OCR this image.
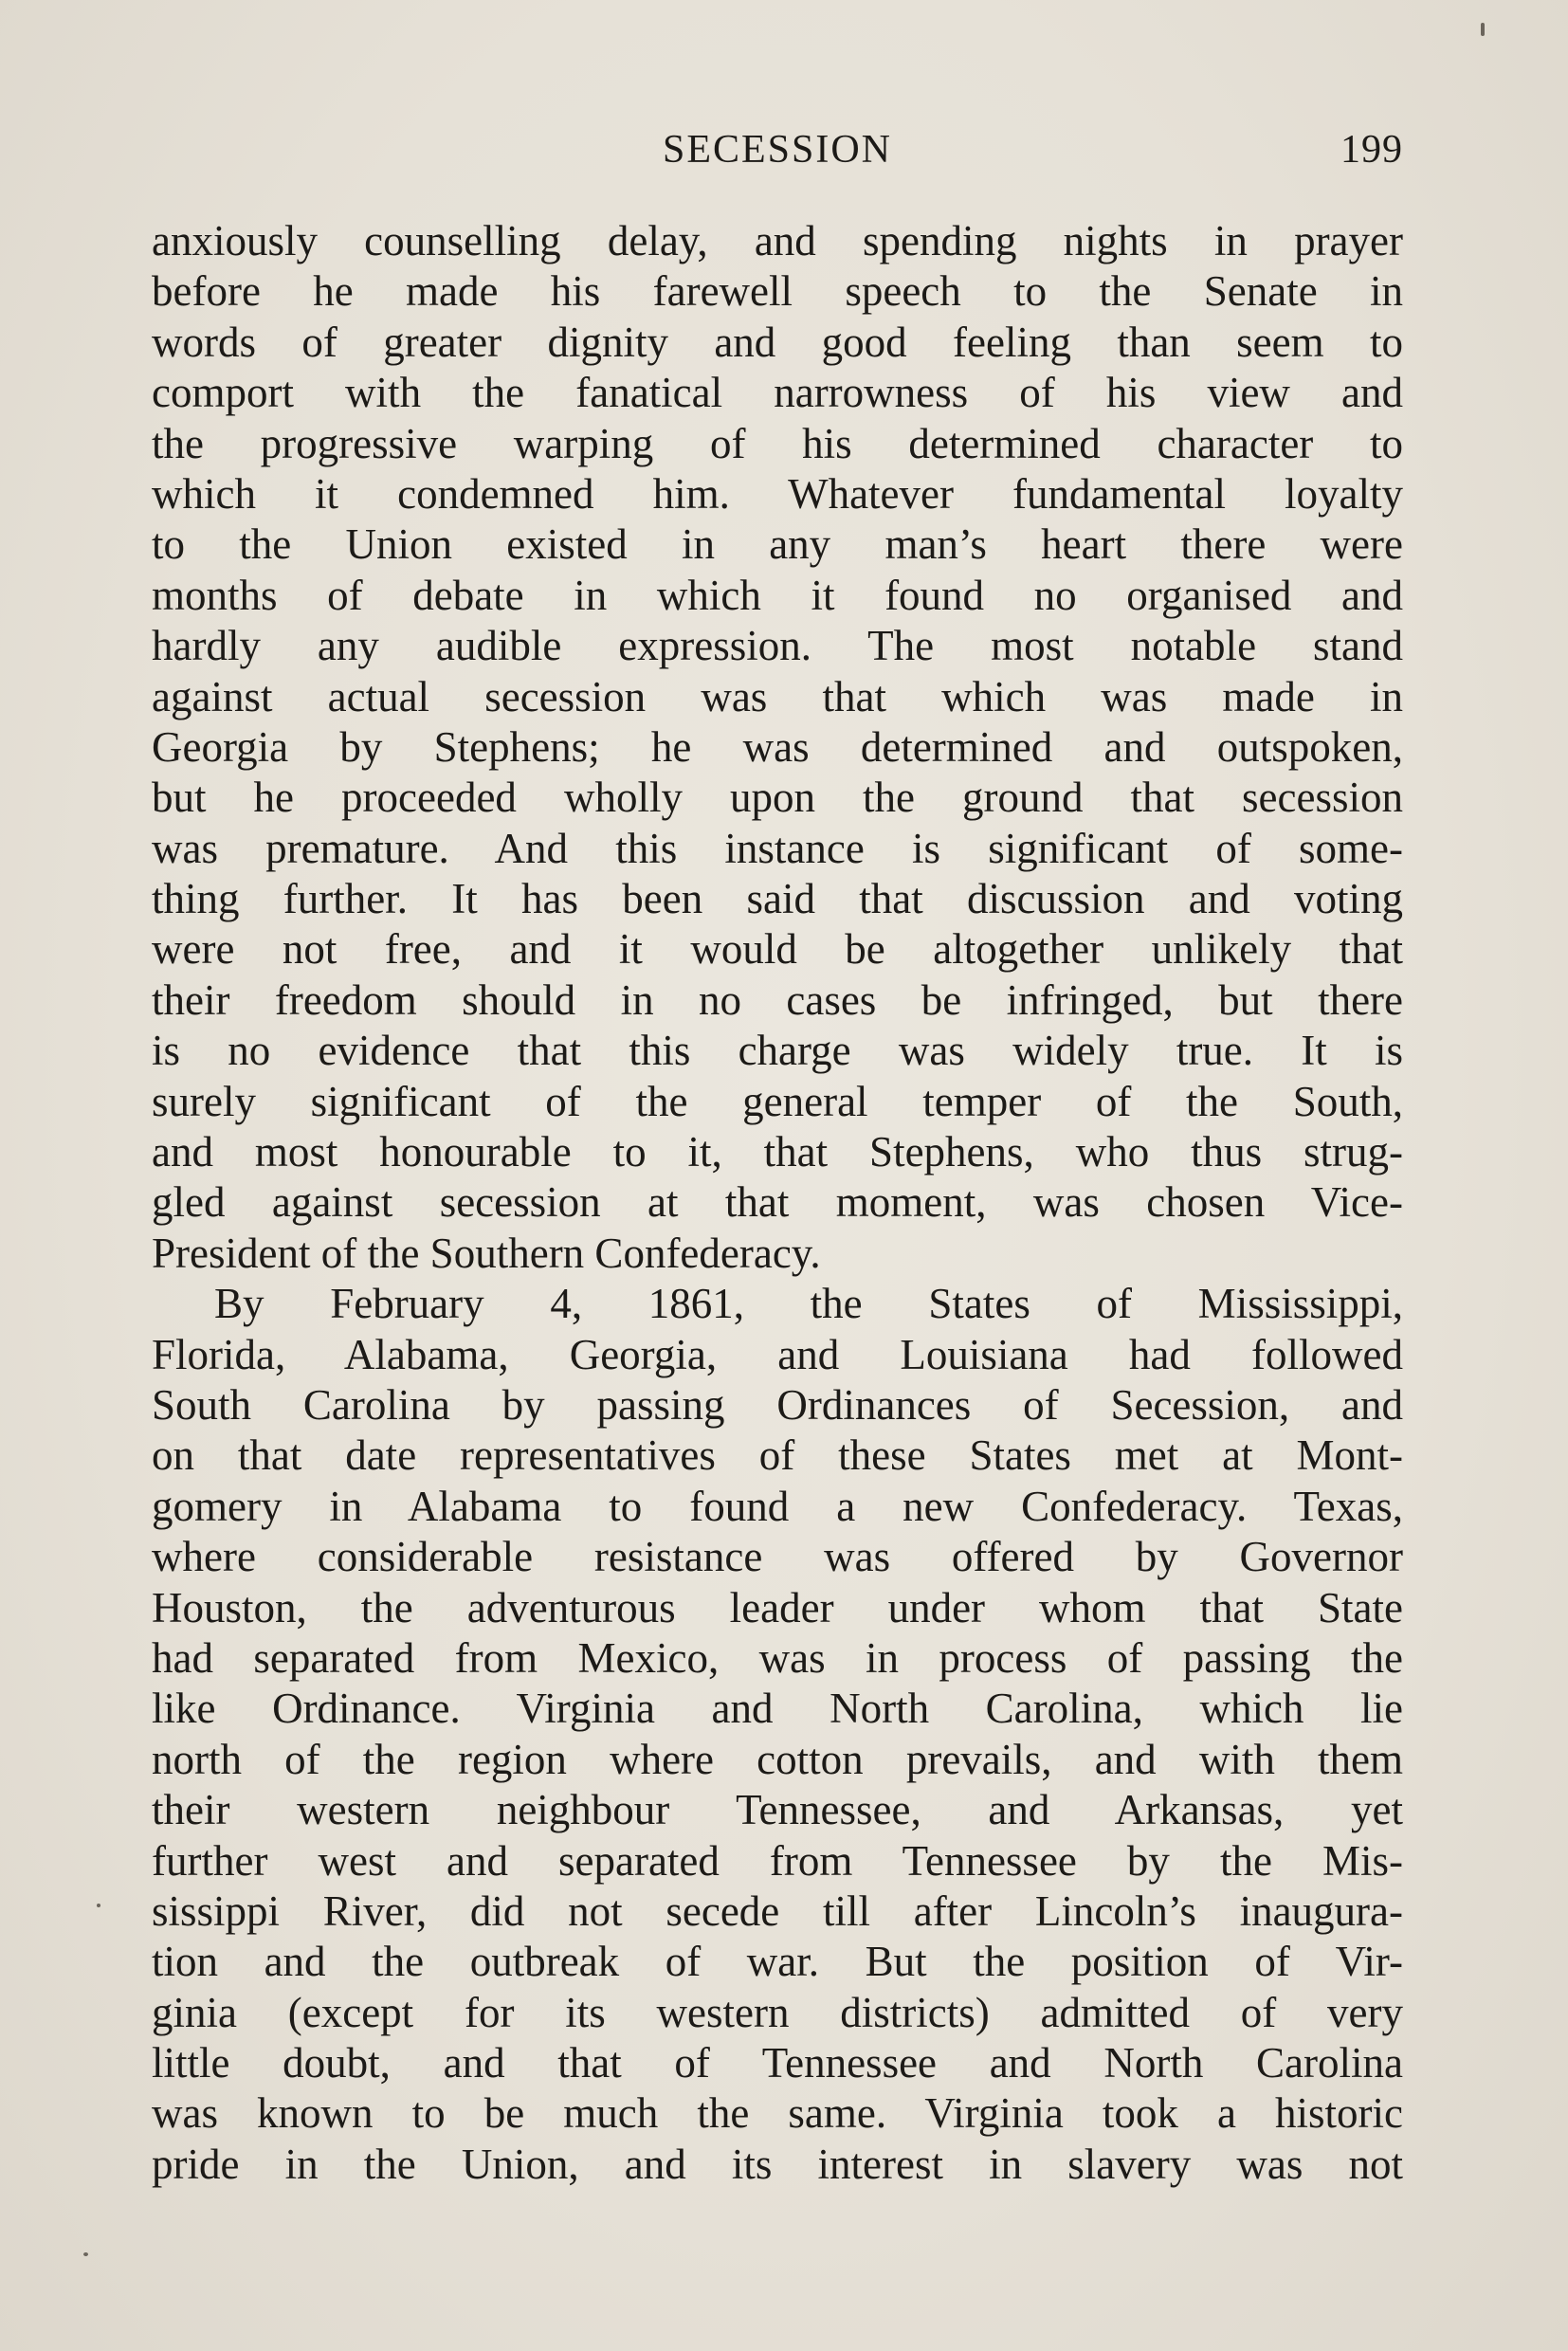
SECESSION	199
anxiously counselling delay, and spending nights in prayer
before he made his farewell speech to the Senate in
words of greater dignity and good feeling than seem to
comport with the fanatical narrowness of his view and
the progressive warping of his determined character to
which it condemned him. Whatever fundamental loyalty
to the Union existed in any man’s heart there were
months of debate in which it found no organised and
hardly any audible expression. The most notable stand
against actual secession was that which was made in
Georgia by Stephens; he was determined and outspoken,
but he proceeded wholly upon the ground that secession
was premature. And this instance is significant of some-
thing further. It has been said that discussion and voting
were not free, and it would be altogether unlikely that
their freedom should in no cases be infringed, but there
is no evidence that this charge was widely true. It is
surely significant of the general temper of the South,
and most honourable to it, that Stephens, who thus strug-
gled against secession at that moment, was chosen Vice-
President of the Southern Confederacy.
By February 4, 1861, the States of Mississippi,
Florida, Alabama, Georgia, and Louisiana had followed
South Carolina by passing Ordinances of Secession, and
on that date representatives of these States met at Mont-
gomery in Alabama to found a new Confederacy. Texas,
where considerable resistance was offered by Governor
Houston, the adventurous leader under whom that State
had separated from Mexico, was in process of passing the
like Ordinance. Virginia and North Carolina, which lie
north of the region where cotton prevails, and with them
their western neighbour Tennessee, and Arkansas, yet
further west and separated from Tennessee by the Mis-
sissippi River, did not secede till after Lincoln’s inaugura-
tion and the outbreak of war. But the position of Vir-
ginia (except for its western districts) admitted of very
little doubt, and that of Tennessee and North Carolina
was known to be much the same. Virginia took a historic
pride in the Union, and its interest in slavery was not
